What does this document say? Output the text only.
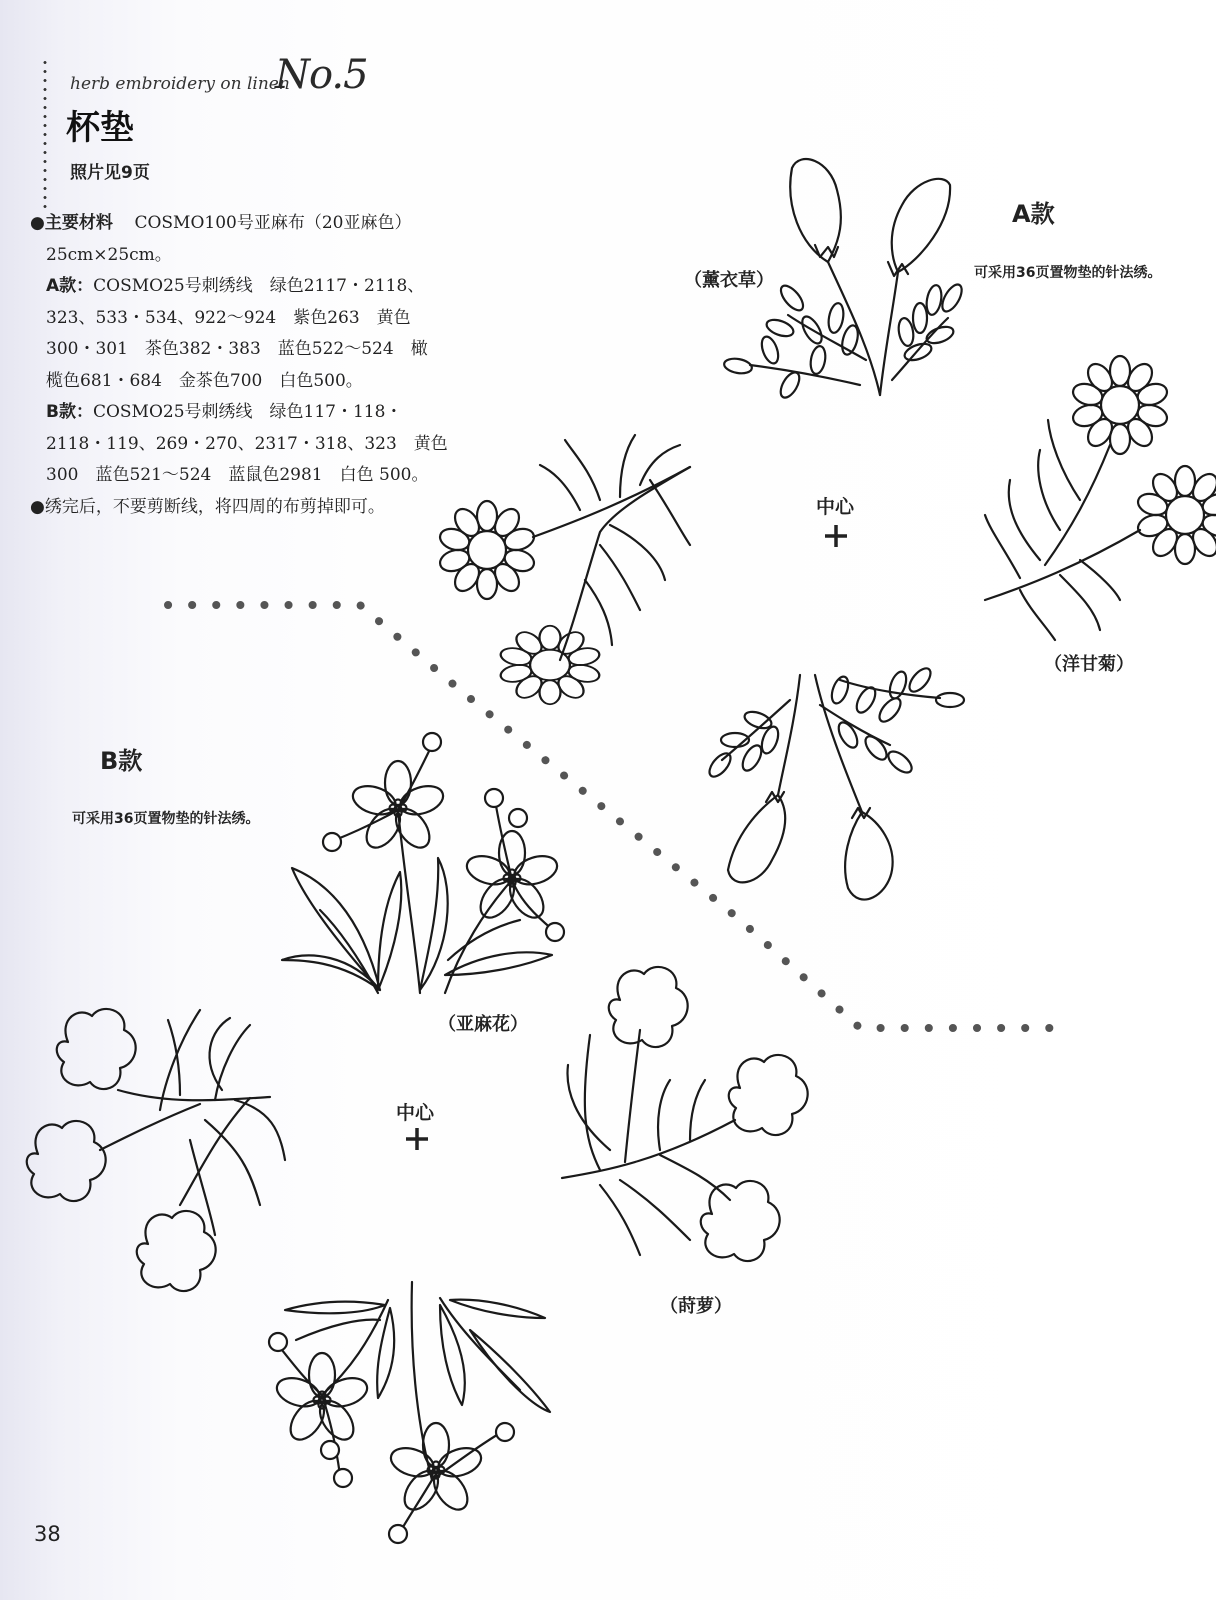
herb embroidery on linen
No.5
杯垫
照片见9页

●主要材料 COSMO100号亚麻布（20亚麻色）

25cm×25cm。

A款：COSMO25号刺绣线　绿色2117・2118、

323、533・534、922～924　紫色263　黄色

300・301　茶色382・383　蓝色522～524　橄

榄色681・684　金茶色700　白色500。

B款：COSMO25号刺绣线　绿色117・118・

2118・119、269・270、2317・318、323　黄色

300　蓝色521～524　蓝鼠色2981　白色 500。

●绣完后，不要剪断线，将四周的布剪掉即可。

（薰衣草）
A款
可采用36页置物垫的针法绣。
中心
（洋甘菊）
B款
可采用36页置物垫的针法绣。
（亚麻花）
中心
（莳萝）
38
